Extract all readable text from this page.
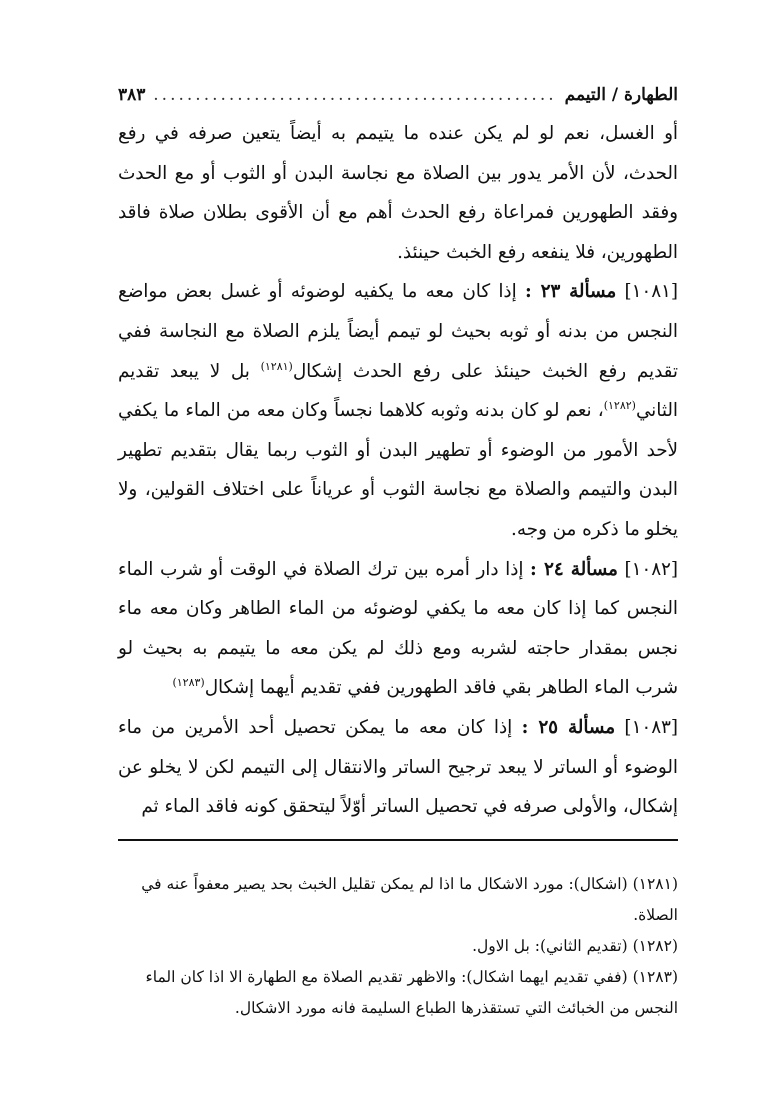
الطهارة / التيمم
.....
٣٨٣

أو الغسل، نعم لو لم يكن عنده ما يتيمم به أيضاً يتعين صرفه في رفع الحدث، لأن الأمر يدور بين الصلاة مع نجاسة البدن أو الثوب أو مع الحدث وفقد الطهورين فمراعاة رفع الحدث أهم مع أن الأقوى بطلان صلاة فاقد الطهورين، فلا ينفعه رفع الخبث حينئذ.

[١٠٨١] مسألة ٢٣ : إذا كان معه ما يكفيه لوضوئه أو غسل بعض مواضع النجس من بدنه أو ثوبه بحيث لو تيمم أيضاً يلزم الصلاة مع النجاسة ففي تقديم رفع الخبث حينئذ على رفع الحدث إشكال$^{(١٢٨١)}$ بل لا يبعد تقديم الثاني$^{(١٢٨٢)}$، نعم لو كان بدنه وثوبه كلاهما نجساً وكان معه من الماء ما يكفي لأحد الأمور من الوضوء أو تطهير البدن أو الثوب ربما يقال بتقديم تطهير البدن والتيمم والصلاة مع نجاسة الثوب أو عرياناً على اختلاف القولين، ولا يخلو ما ذكره من وجه.

[١٠٨٢] مسألة ٢٤ : إذا دار أمره بين ترك الصلاة في الوقت أو شرب الماء النجس كما إذا كان معه ما يكفي لوضوئه من الماء الطاهر وكان معه ماء نجس بمقدار حاجته لشربه ومع ذلك لم يكن معه ما يتيمم به بحيث لو شرب الماء الطاهر بقي فاقد الطهورين ففي تقديم أيهما إشكال$^{(١٢٨٣)}$

[١٠٨٣] مسألة ٢٥ : إذا كان معه ما يمكن تحصيل أحد الأمرين من ماء الوضوء أو الساتر لا يبعد ترجيح الساتر والانتقال إلى التيمم لكن لا يخلو عن إشكال، والأولى صرفه في تحصيل الساتر أوّلاً ليتحقق كونه فاقد الماء ثم

(١٢٨١) (اشكال): مورد الاشكال ما اذا لم يمكن تقليل الخبث بحد يصير معفواً عنه في الصلاة.

(١٢٨٢) (تقديم الثاني): بل الاول.

(١٢٨٣) (ففي تقديم ايهما اشكال): والاظهر تقديم الصلاة مع الطهارة الا اذا كان الماء النجس من الخبائث التي تستقذرها الطباع السليمة فانه مورد الاشكال.
